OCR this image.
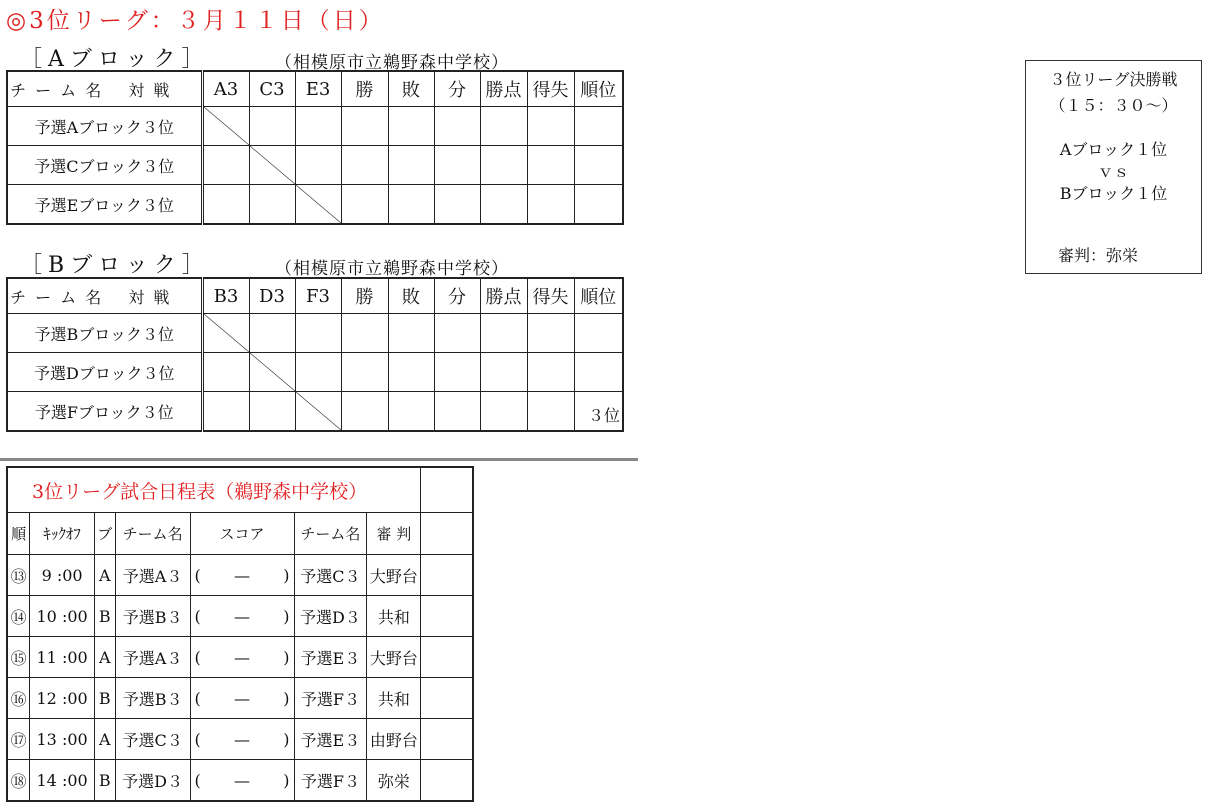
◎3位リーグ：３月１１日（日）
［Aブロック］	（相模原市立鵜野森中学校）
チ ー ム 名　 対 戦	A3	C3	E3	勝	敗	分	勝点	得失	順位
予選Aブロック３位	

予選Cブロック３位		

予選Eブロック３位			

［Bブロック］	（相模原市立鵜野森中学校）
チ ー ム 名　 対 戦	B3	D3	F3	勝	敗	分	勝点	得失	順位
予選Bブロック３位	

予選Dブロック３位		

予選Fブロック３位									３位
3位リーグ試合日程表（鵜野森中学校）							
順	ｷｯｸｵﾌ	ブ	チーム名	スコア	チーム名	審 判	
⑬	9 :00	A	予選A３	( — )	予選C３	大野台	
⑭	10 :00	B	予選B３	( — )	予選D３	共和	
⑮	11 :00	A	予選A３	( — )	予選E３	大野台	
⑯	12 :00	B	予選B３	( — )	予選F３	共和	
⑰	13 :00	A	予選C３	( — )	予選E３	由野台	
⑱	14 :00	B	予選D３	( — )	予選F３	弥栄	
３位リーグ決勝戦
（１５：３０～）
Aブロック１位
ｖｓ
Bブロック１位
審判：弥栄
